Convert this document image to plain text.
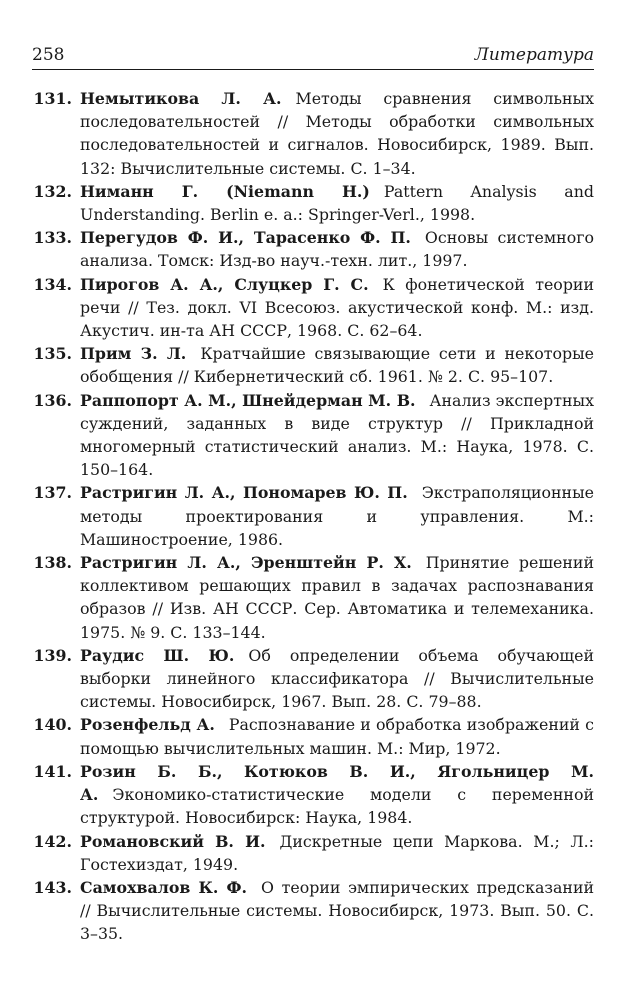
258	Литература
131. Немытикова Л. А. Методы сравнения символьных последовательностей // Методы обработки символьных последовательностей и сигналов. Новосибирск, 1989. Вып. 132: Вычислительные системы. С. 1–34.
132. Ниманн Г. (Niemann H.) Pattern Analysis and Understanding. Berlin e. a.: Springer-Verl., 1998.
133. Перегудов Ф. И., Тарасенко Ф. П. Основы системного анализа. Томск: Изд-во науч.-техн. лит., 1997.
134. Пирогов А. А., Слуцкер Г. С. К фонетической теории речи // Тез. докл. VI Всесоюз. акустической конф. М.: изд. Акустич. ин-та АН СССР, 1968. С. 62–64.
135. Прим З. Л. Кратчайшие связывающие сети и некоторые обобщения // Кибернетический сб. 1961. № 2. С. 95–107.
136. Раппопорт А. М., Шнейдерман М. В. Анализ экспертных суждений, заданных в виде структур // Прикладной многомерный статистический анализ. М.: Наука, 1978. С. 150–164.
137. Растригин Л. А., Пономарев Ю. П. Экстраполяционные методы проектирования и управления. М.: Машиностроение, 1986.
138. Растригин Л. А., Эренштейн Р. Х. Принятие решений коллективом решающих правил в задачах распознавания образов // Изв. АН СССР. Сер. Автоматика и телемеханика. 1975. № 9. С. 133–144.
139. Раудис Ш. Ю. Об определении объема обучающей выборки линейного классификатора // Вычислительные системы. Новосибирск, 1967. Вып. 28. С. 79–88.
140. Розенфельд А. Распознавание и обработка изображений с помощью вычислительных машин. М.: Мир, 1972.
141. Розин Б. Б., Котюков В. И., Ягольницер М. А. Экономико-статистические модели с переменной структурой. Новосибирск: Наука, 1984.
142. Романовский В. И. Дискретные цепи Маркова. М.; Л.: Гостехиздат, 1949.
143. Самохвалов К. Ф. О теории эмпирических предсказаний // Вычислительные системы. Новосибирск, 1973. Вып. 50. С. 3–35.
